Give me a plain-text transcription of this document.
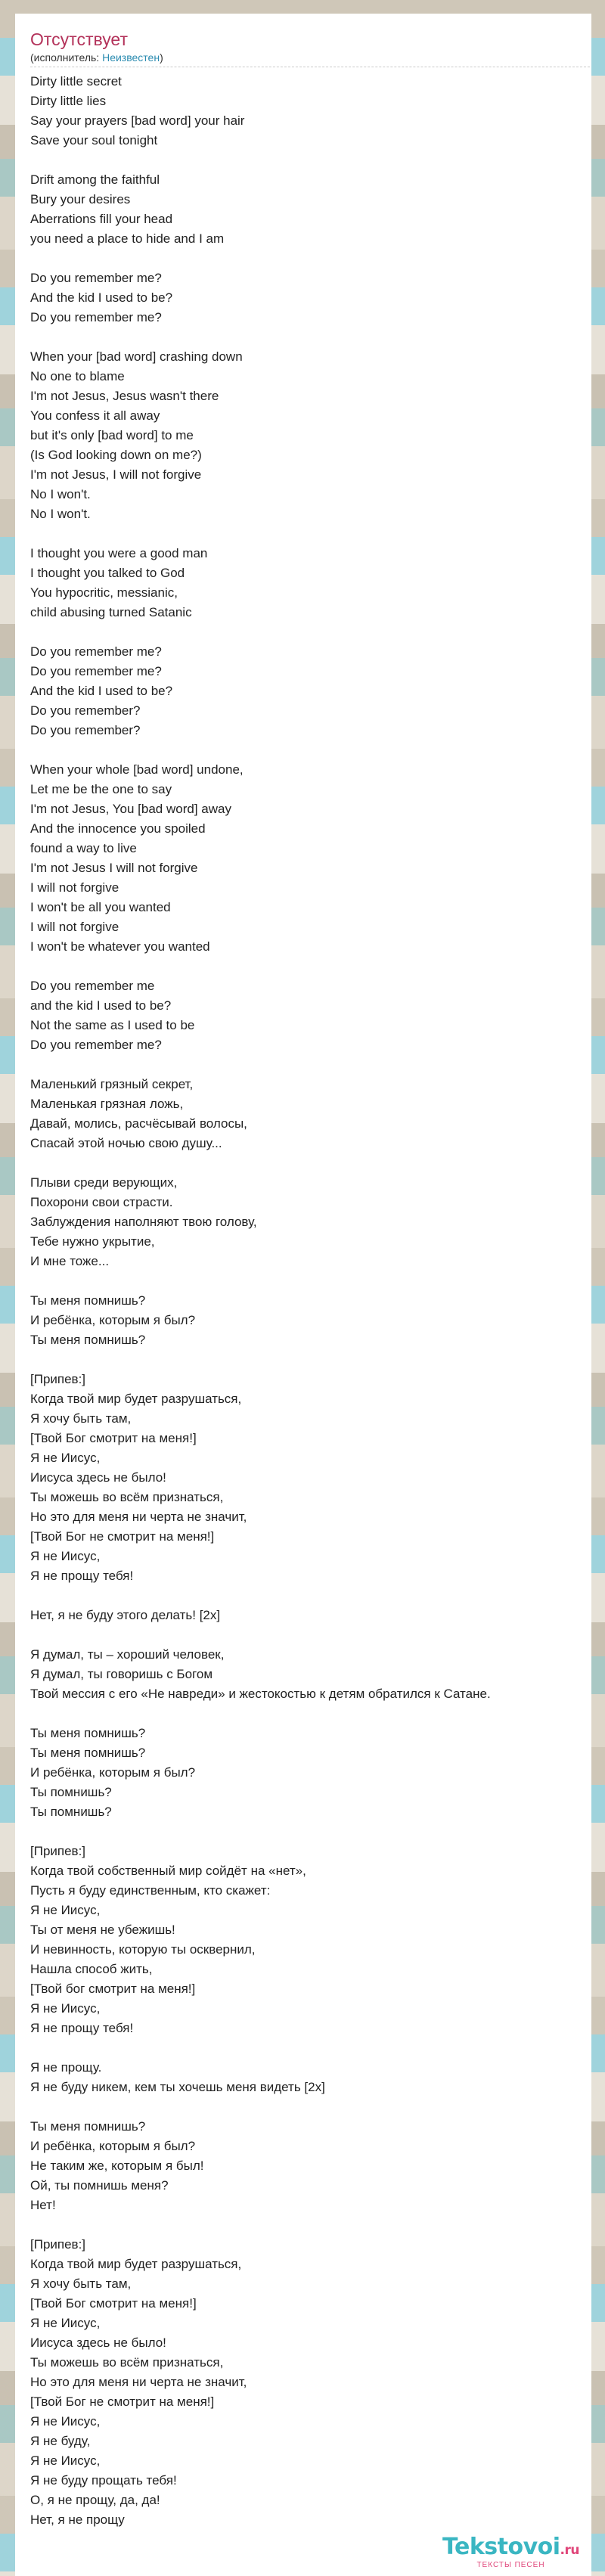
Отсутствует
(исполнитель: Неизвестен)
Dirty little secret
Dirty little lies
Say your prayers [bad word] your hair
Save your soul tonight

Drift among the faithful
Bury your desires
Aberrations fill your head
you need a place to hide and I am

Do you remember me?
And the kid I used to be?
Do you remember me?

When your [bad word] crashing down
No one to blame
I'm not Jesus, Jesus wasn't there
You confess it all away
but it's only [bad word] to me
(Is God looking down on me?)
I'm not Jesus, I will not forgive
No I won't.
No I won't.

I thought you were a good man
I thought you talked to God
You hypocritic, messianic,
child abusing turned Satanic

Do you remember me?
Do you remember me?
And the kid I used to be?
Do you remember?
Do you remember?

When your whole [bad word] undone,
Let me be the one to say
I'm not Jesus, You [bad word] away
And the innocence you spoiled
found a way to live
I'm not Jesus I will not forgive
I will not forgive
I won't be all you wanted
I will not forgive
I won't be whatever you wanted

Do you remember me
and the kid I used to be?
Not the same as I used to be
Do you remember me?

Маленький грязный секрет,
Маленькая грязная ложь,
Давай, молись, расчёсывай волосы,
Спасай этой ночью свою душу...

Плыви среди верующих,
Похорони свои страсти.
Заблуждения наполняют твою голову,
Тебе нужно укрытие,
И мне тоже...

Ты меня помнишь?
И ребёнка, которым я был?
Ты меня помнишь?

[Припев:]
Когда твой мир будет разрушаться,
Я хочу быть там,
[Твой Бог смотрит на меня!]
Я не Иисус,
Иисуса здесь не было!
Ты можешь во всём признаться,
Но это для меня ни черта не значит,
[Твой Бог не смотрит на меня!]
Я не Иисус,
Я не прощу тебя!

Нет, я не буду этого делать! [2x]

Я думал, ты – хороший человек,
Я думал, ты говоришь с Богом
Твой мессия с его «Не навреди» и жестокостью к детям обратился к Сатане.

Ты меня помнишь?
Ты меня помнишь?
И ребёнка, которым я был?
Ты помнишь?
Ты помнишь?

[Припев:]
Когда твой собственный мир сойдёт на «нет»,
Пусть я буду единственным, кто скажет:
Я не Иисус,
Ты от меня не убежишь!
И невинность, которую ты осквернил,
Нашла способ жить,
[Твой бог смотрит на меня!]
Я не Иисус,
Я не прощу тебя!

Я не прощу.
Я не буду никем, кем ты хочешь меня видеть [2x]

Ты меня помнишь?
И ребёнка, которым я был?
Не таким же, которым я был!
Ой, ты помнишь меня?
Нет!

[Припев:]
Когда твой мир будет разрушаться,
Я хочу быть там,
[Твой Бог смотрит на меня!]
Я не Иисус,
Иисуса здесь не было!
Ты можешь во всём признаться,
Но это для меня ни черта не значит,
[Твой Бог не смотрит на меня!]
Я не Иисус,
Я не буду,
Я не Иисус,
Я не буду прощать тебя!
О, я не прощу, да, да!
Нет, я не прощу
Tekstovoi.ru
ТЕКСТЫ ПЕСЕН
